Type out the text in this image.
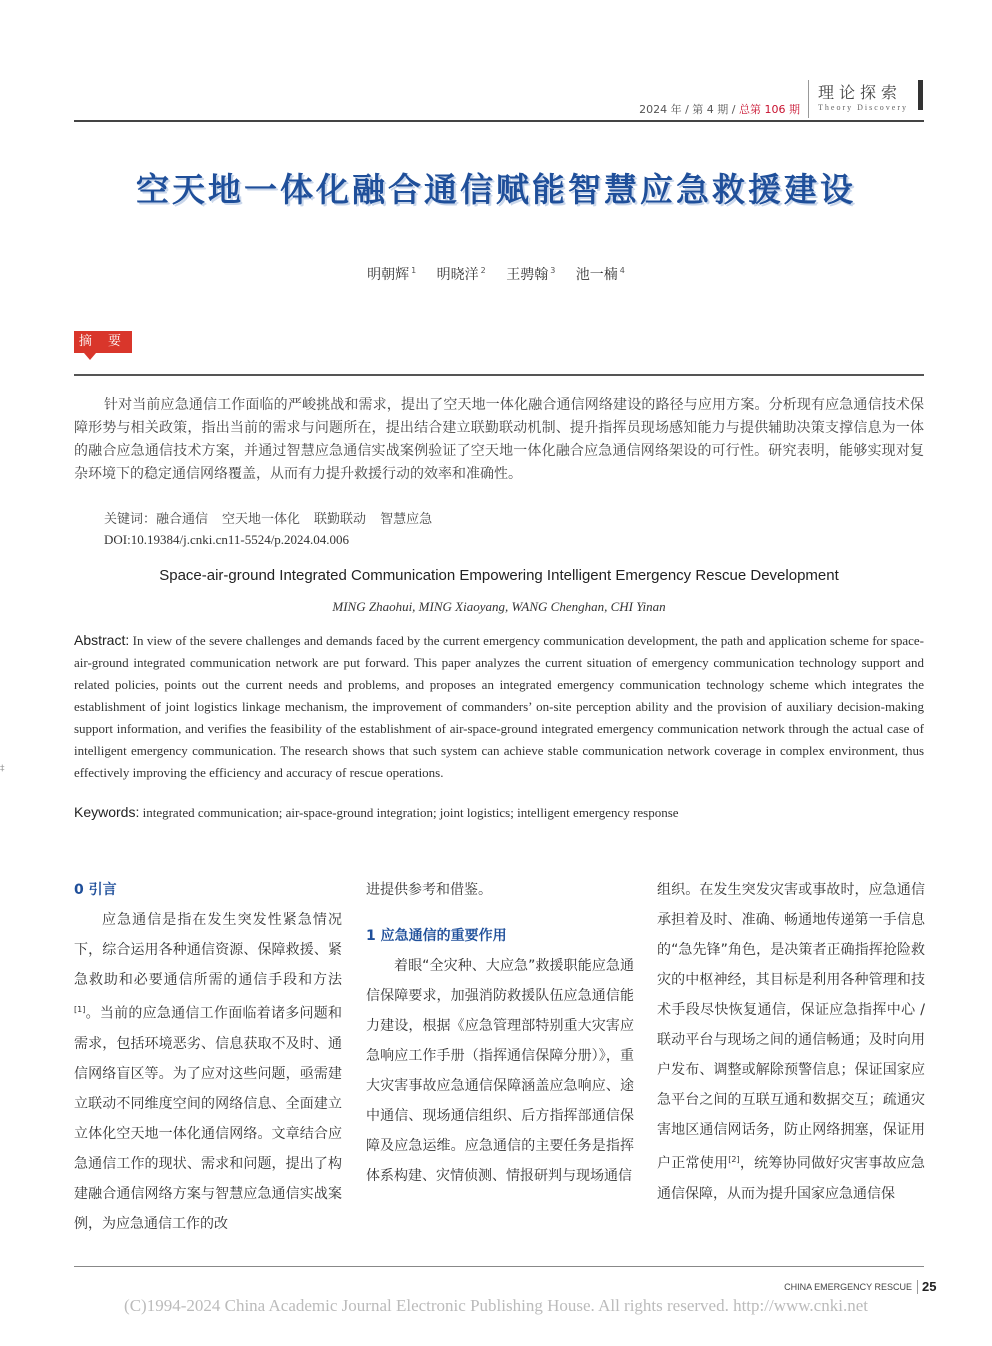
2024 年 / 第 4 期 / 总第 106 期
理论探索
Theory Discovery
空天地一体化融合通信赋能智慧应急救援建设
明朝辉 $^1$ 明晓洋 $^2$ 王骋翰 $^3$ 池一楠 $^4$
摘 要
针对当前应急通信工作面临的严峻挑战和需求，提出了空天地一体化融合通信网络建设的路径与应用方案。分析现有应急通信技术保障形势与相关政策，指出当前的需求与问题所在，提出结合建立联勤联动机制、提升指挥员现场感知能力与提供辅助决策支撑信息为一体的融合应急通信技术方案，并通过智慧应急通信实战案例验证了空天地一体化融合应急通信网络架设的可行性。研究表明，能够实现对复杂环境下的稳定通信网络覆盖，从而有力提升救援行动的效率和准确性。
关键词：融合通信 空天地一体化 联勤联动 智慧应急
DOI:10.19384/j.cnki.cn11-5524/p.2024.04.006
Space-air-ground Integrated Communication Empowering Intelligent Emergency Rescue Development
MING Zhaohui, MING Xiaoyang, WANG Chenghan, CHI Yinan
Abstract: In view of the severe challenges and demands faced by the current emergency communication development, the path and application scheme for space-air-ground integrated communication network are put forward. This paper analyzes the current situation of emergency communication technology support and related policies, points out the current needs and problems, and proposes an integrated emergency communication technology scheme which integrates the establishment of joint logistics linkage mechanism, the improvement of commanders’ on-site perception ability and the provision of auxiliary decision-making support information, and verifies the feasibility of the establishment of air-space-ground integrated emergency communication network through the actual case of intelligent emergency communication. The research shows that such system can achieve stable communication network coverage in complex environment, thus effectively improving the efficiency and accuracy of rescue operations.
Keywords: integrated communication; air-space-ground integration; joint logistics; intelligent emergency response
‡

0 引言

应急通信是指在发生突发性紧急情况下，综合运用各种通信资源、保障救援、紧急救助和必要通信所需的通信手段和方法[1]。当前的应急通信工作面临着诸多问题和需求，包括环境恶劣、信息获取不及时、通信网络盲区等。为了应对这些问题，亟需建立联动不同维度空间的网络信息、全面建立立体化空天地一体化通信网络。文章结合应急通信工作的现状、需求和问题，提出了构建融合通信网络方案与智慧应急通信实战案例，为应急通信工作的改

进提供参考和借鉴。

1 应急通信的重要作用

着眼“全灾种、大应急”救援职能应急通信保障要求，加强消防救援队伍应急通信能力建设，根据《应急管理部特别重大灾害应急响应工作手册（指挥通信保障分册）》，重大灾害事故应急通信保障涵盖应急响应、途中通信、现场通信组织、后方指挥部通信保障及应急运维。应急通信的主要任务是指挥体系构建、灾情侦测、情报研判与现场通信

组织。在发生突发灾害或事故时，应急通信承担着及时、准确、畅通地传递第一手信息的“急先锋”角色，是决策者正确指挥抢险救灾的中枢神经，其目标是利用各种管理和技术手段尽快恢复通信，保证应急指挥中心 / 联动平台与现场之间的通信畅通；及时向用户发布、调整或解除预警信息；保证国家应急平台之间的互联互通和数据交互；疏通灾害地区通信网话务，防止网络拥塞，保证用户正常使用[2]，统筹协同做好灾害事故应急通信保障，从而为提升国家应急通信保

CHINA EMERGENCY RESCUE 25
(C)1994-2024 China Academic Journal Electronic Publishing House. All rights reserved. http://www.cnki.net
